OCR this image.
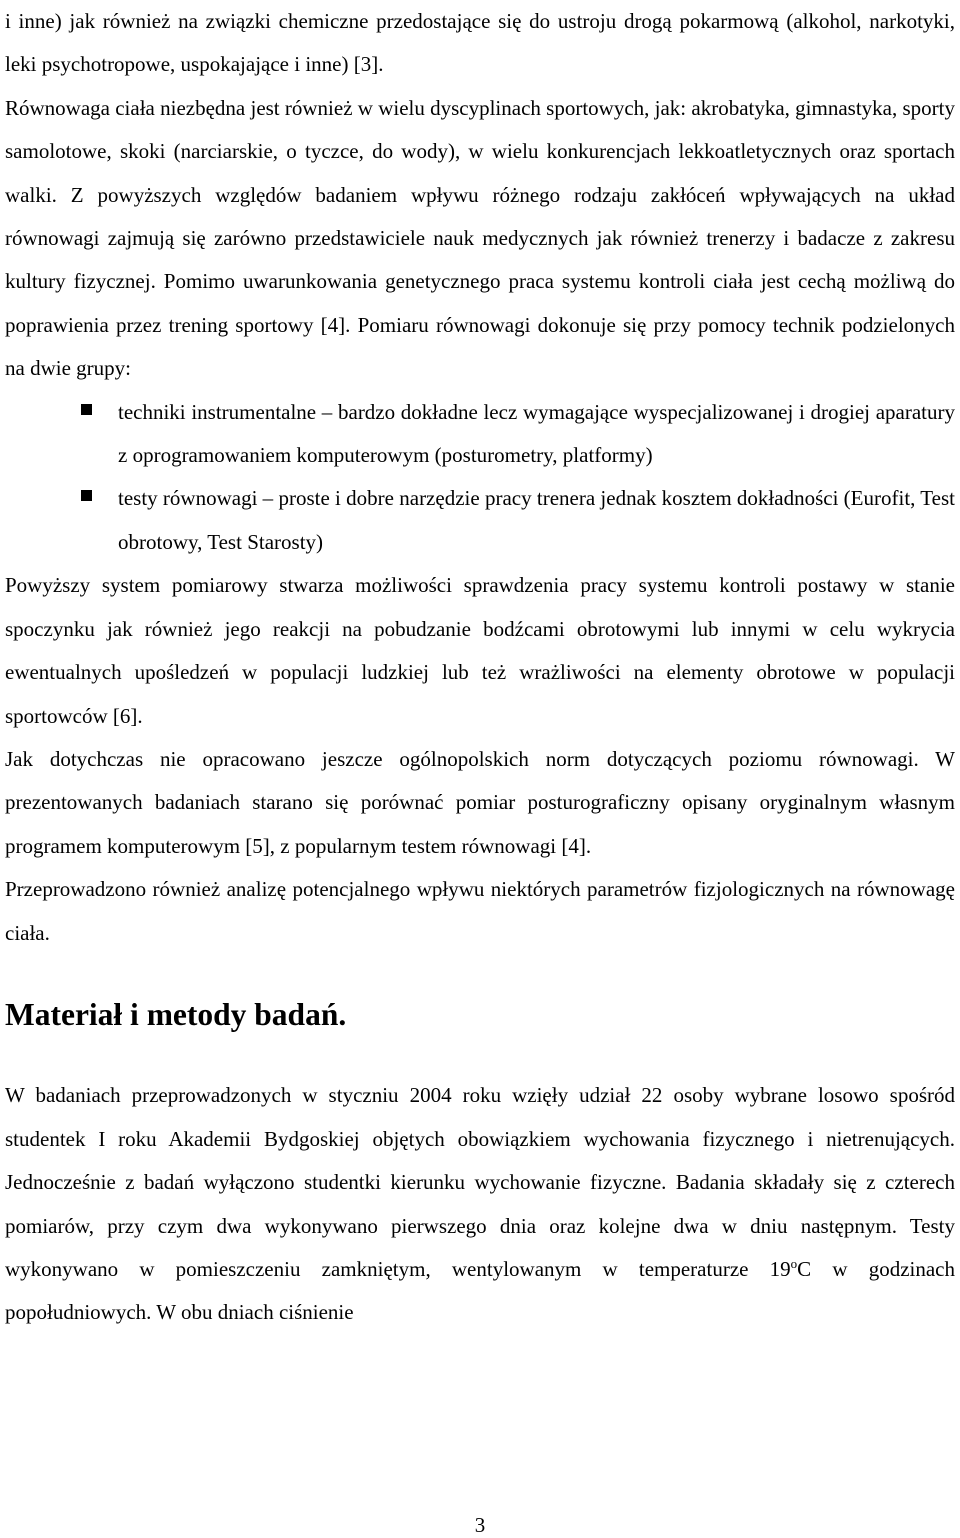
i inne) jak również na związki chemiczne przedostające się do ustroju drogą pokarmową (alkohol, narkotyki, leki psychotropowe, uspokajające i inne) [3].

Równowaga ciała niezbędna jest również w wielu dyscyplinach sportowych, jak: akrobatyka, gimnastyka, sporty samolotowe, skoki (narciarskie, o tyczce, do wody), w wielu konkurencjach lekkoatletycznych oraz sportach walki. Z powyższych względów badaniem wpływu różnego rodzaju zakłóceń wpływających na układ równowagi zajmują się zarówno przedstawiciele nauk medycznych jak również trenerzy i badacze z zakresu kultury fizycznej. Pomimo uwarunkowania genetycznego praca systemu kontroli ciała jest cechą możliwą do poprawienia przez trening sportowy [4]. Pomiaru równowagi dokonuje się przy pomocy technik podzielonych na dwie grupy:

techniki instrumentalne – bardzo dokładne lecz wymagające wyspecjalizowanej i drogiej aparatury z oprogramowaniem komputerowym (posturometry, platformy)
testy równowagi – proste i dobre narzędzie pracy trenera jednak kosztem dokładności (Eurofit, Test obrotowy, Test Starosty)

Powyższy system pomiarowy stwarza możliwości sprawdzenia pracy systemu kontroli postawy w stanie spoczynku jak również jego reakcji na pobudzanie bodźcami obrotowymi lub innymi w celu wykrycia ewentualnych upośledzeń w populacji ludzkiej lub też wrażliwości na elementy obrotowe w populacji sportowców [6].

Jak dotychczas nie opracowano jeszcze ogólnopolskich norm dotyczących poziomu równowagi. W prezentowanych badaniach starano się porównać pomiar posturograficzny opisany oryginalnym własnym programem komputerowym [5], z popularnym testem równowagi [4].

Przeprowadzono również analizę potencjalnego wpływu niektórych parametrów fizjologicznych na równowagę ciała.

Materiał i metody badań.

W badaniach przeprowadzonych w styczniu 2004 roku wzięły udział 22 osoby wybrane losowo spośród studentek I roku Akademii Bydgoskiej objętych obowiązkiem wychowania fizycznego i nietrenujących. Jednocześnie z badań wyłączono studentki kierunku wychowanie fizyczne. Badania składały się z czterech pomiarów, przy czym dwa wykonywano pierwszego dnia oraz kolejne dwa w dniu następnym. Testy wykonywano w pomieszczeniu zamkniętym, wentylowanym w temperaturze 19$^o$C w godzinach popołudniowych. W obu dniach ciśnienie

3
